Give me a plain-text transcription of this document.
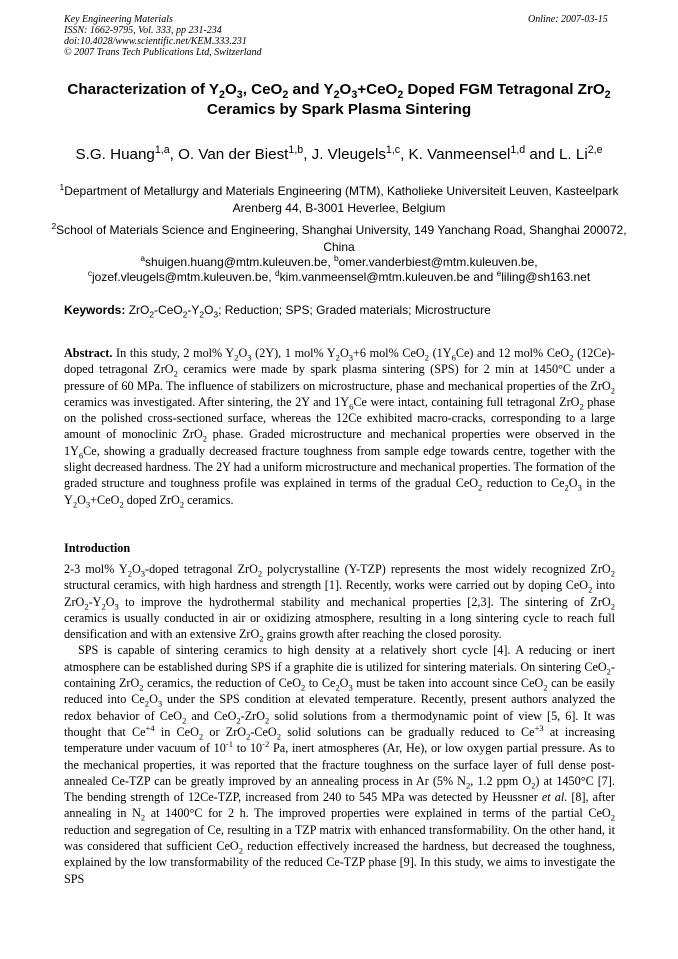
Key Engineering Materials
ISSN: 1662-9795, Vol. 333, pp 231-234
doi:10.4028/www.scientific.net/KEM.333.231
© 2007 Trans Tech Publications Ltd, Switzerland
Online: 2007-03-15
Characterization of $Y_2O_3$, CeO$_2$ and $Y_2O_3+CeO_2$ Doped FGM Tetragonal ZrO$_2$ Ceramics by Spark Plasma Sintering
S.G. Huang$^{1,a}$, O. Van der Biest$^{1,b}$, J. Vleugels$^{1,c}$, K. Vanmeensel$^{1,d}$ and L. Li$^{2,e}$
$^1$Department of Metallurgy and Materials Engineering (MTM), Katholieke Universiteit Leuven, Kasteelpark Arenberg 44, B-3001 Heverlee, Belgium
$^2$School of Materials Science and Engineering, Shanghai University, 149 Yanchang Road, Shanghai 200072, China
$^a$shuigen.huang@mtm.kuleuven.be, $^b$omer.vanderbiest@mtm.kuleuven.be, $^c$jozef.vleugels@mtm.kuleuven.be, $^d$kim.vanmeensel@mtm.kuleuven.be and $^e$liling@sh163.net
Keywords: $ZrO_2-CeO_2-Y_2O_3$; Reduction; SPS; Graded materials; Microstructure
Abstract. In this study, 2 mol% $Y_2O_3$ (2Y), 1 mol% $Y_2O_3+6$ mol% CeO$_2$ $(1Y_6Ce)$ and 12 mol% CeO$_2$ (12Ce)-doped tetragonal ZrO$_2$ ceramics were made by spark plasma sintering (SPS) for 2 min at 1450°C under a pressure of 60 MPa. The influence of stabilizers on microstructure, phase and mechanical properties of the ZrO$_2$ ceramics was investigated. After sintering, the 2Y and $1Y_6Ce$ were intact, containing full tetragonal ZrO$_2$ phase on the polished cross-sectioned surface, whereas the 12Ce exhibited macro-cracks, corresponding to a large amount of monoclinic ZrO$_2$ phase. Graded microstructure and mechanical properties were observed in the $1Y_6Ce$, showing a gradually decreased fracture toughness from sample edge towards centre, together with the slight decreased hardness. The 2Y had a uniform microstructure and mechanical properties. The formation of the graded structure and toughness profile was explained in terms of the gradual CeO$_2$ reduction to $Ce_2O_3$ in the $Y_2O_3+CeO_2$ doped ZrO$_2$ ceramics.
Introduction

2-3 mol% $Y_2O_3$-doped tetragonal ZrO$_2$ polycrystalline (Y-TZP) represents the most widely recognized ZrO$_2$ structural ceramics, with high hardness and strength [1]. Recently, works were carried out by doping CeO$_2$ into $ZrO_2-Y_2O_3$ to improve the hydrothermal stability and mechanical properties [2,3]. The sintering of ZrO$_2$ ceramics is usually conducted in air or oxidizing atmosphere, resulting in a long sintering cycle to reach full densification and with an extensive ZrO$_2$ grains growth after reaching the closed porosity.

SPS is capable of sintering ceramics to high density at a relatively short cycle [4]. A reducing or inert atmosphere can be established during SPS if a graphite die is utilized for sintering materials. On sintering CeO$_2$-containing ZrO$_2$ ceramics, the reduction of CeO$_2$ to $Ce_2O_3$ must be taken into account since CeO$_2$ can be easily reduced into $Ce_2O_3$ under the SPS condition at elevated temperature. Recently, present authors analyzed the redox behavior of CeO$_2$ and CeO$_2$-ZrO$_2$ solid solutions from a thermodynamic point of view [5, 6]. It was thought that $Ce^{+4}$ in CeO$_2$ or ZrO$_2$-CeO$_2$ solid solutions can be gradually reduced to $Ce^{+3}$ at increasing temperature under vacuum of $10^{-1}$ to $10^{-2}$ Pa, inert atmospheres (Ar, He), or low oxygen partial pressure. As to the mechanical properties, it was reported that the fracture toughness on the surface layer of full dense post-annealed Ce-TZP can be greatly improved by an annealing process in Ar (5% $N_2$, 1.2 ppm $O_2$) at 1450°C [7]. The bending strength of 12Ce-TZP, increased from 240 to 545 MPa was detected by Heussner et al. [8], after annealing in $N_2$ at 1400°C for 2 h. The improved properties were explained in terms of the partial CeO$_2$ reduction and segregation of Ce, resulting in a TZP matrix with enhanced transformability. On the other hand, it was considered that sufficient CeO$_2$ reduction effectively increased the hardness, but decreased the toughness, explained by the low transformability of the reduced Ce-TZP phase [9]. In this study, we aims to investigate the SPS
